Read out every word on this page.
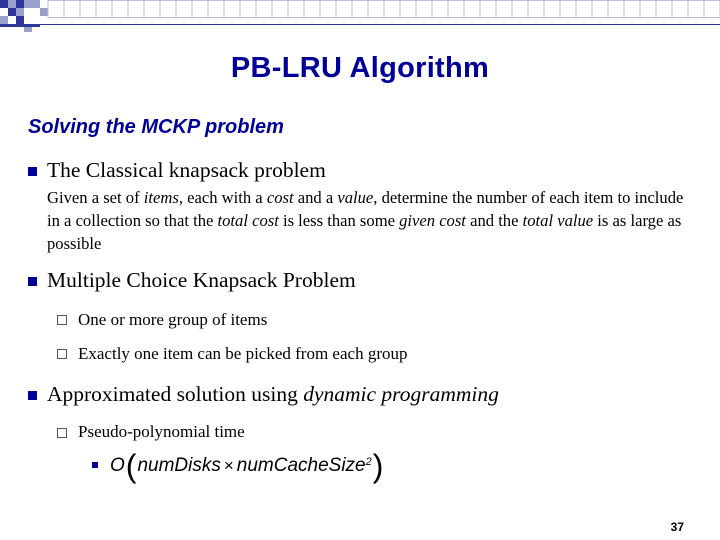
PB-LRU Algorithm
Solving the MCKP problem
The Classical knapsack problem
Given a set of items, each with a cost and a value, determine the number of each item to include in a collection so that the total cost is less than some given cost and the total value is as large as possible
Multiple Choice Knapsack Problem
One or more group of items
Exactly one item can be picked from each group
Approximated solution using dynamic programming
Pseudo-polynomial time
O ( numDisks × numCacheSize$^2$ )
37
